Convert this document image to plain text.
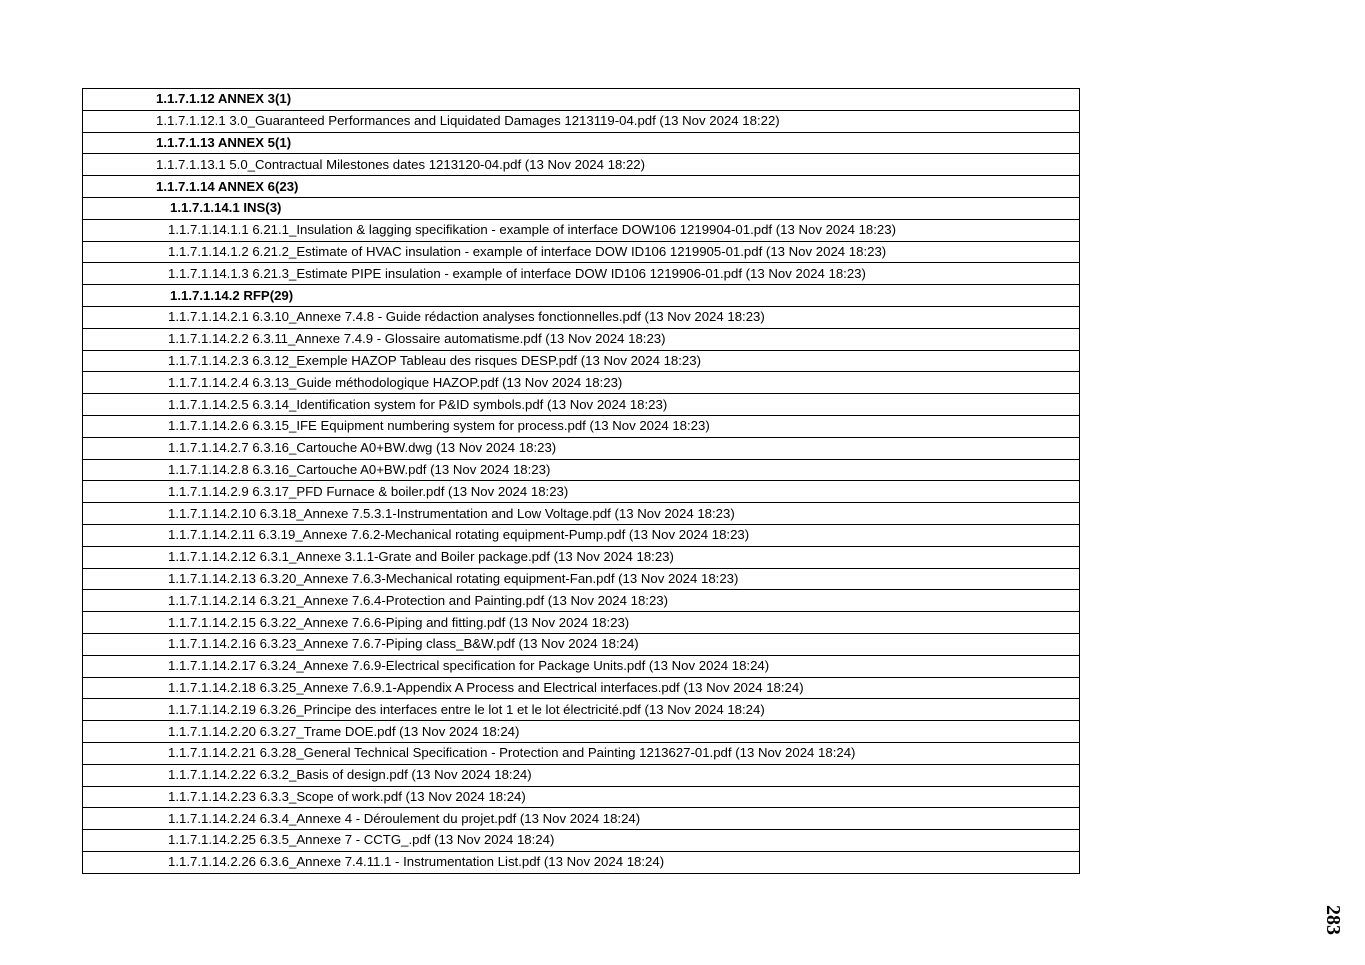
1.1.7.1.12 ANNEX 3(1)
1.1.7.1.12.1 3.0_Guaranteed Performances and Liquidated Damages 1213119-04.pdf (13 Nov 2024 18:22)
1.1.7.1.13 ANNEX 5(1)
1.1.7.1.13.1 5.0_Contractual Milestones dates 1213120-04.pdf (13 Nov 2024 18:22)
1.1.7.1.14 ANNEX 6(23)
1.1.7.1.14.1 INS(3)
1.1.7.1.14.1.1 6.21.1_Insulation & lagging specifikation - example of interface DOW106 1219904-01.pdf (13 Nov 2024 18:23)
1.1.7.1.14.1.2 6.21.2_Estimate of HVAC insulation - example of interface DOW ID106 1219905-01.pdf (13 Nov 2024 18:23)
1.1.7.1.14.1.3 6.21.3_Estimate PIPE insulation - example of interface DOW ID106 1219906-01.pdf (13 Nov 2024 18:23)
1.1.7.1.14.2 RFP(29)
1.1.7.1.14.2.1 6.3.10_Annexe 7.4.8 - Guide rédaction analyses fonctionnelles.pdf (13 Nov 2024 18:23)
1.1.7.1.14.2.2 6.3.11_Annexe 7.4.9 - Glossaire automatisme.pdf (13 Nov 2024 18:23)
1.1.7.1.14.2.3 6.3.12_Exemple HAZOP Tableau des risques DESP.pdf (13 Nov 2024 18:23)
1.1.7.1.14.2.4 6.3.13_Guide méthodologique HAZOP.pdf (13 Nov 2024 18:23)
1.1.7.1.14.2.5 6.3.14_Identification system for P&ID symbols.pdf (13 Nov 2024 18:23)
1.1.7.1.14.2.6 6.3.15_IFE Equipment numbering system for process.pdf (13 Nov 2024 18:23)
1.1.7.1.14.2.7 6.3.16_Cartouche A0+BW.dwg (13 Nov 2024 18:23)
1.1.7.1.14.2.8 6.3.16_Cartouche A0+BW.pdf (13 Nov 2024 18:23)
1.1.7.1.14.2.9 6.3.17_PFD Furnace & boiler.pdf (13 Nov 2024 18:23)
1.1.7.1.14.2.10 6.3.18_Annexe 7.5.3.1-Instrumentation and Low Voltage.pdf (13 Nov 2024 18:23)
1.1.7.1.14.2.11 6.3.19_Annexe 7.6.2-Mechanical rotating equipment-Pump.pdf (13 Nov 2024 18:23)
1.1.7.1.14.2.12 6.3.1_Annexe 3.1.1-Grate and Boiler package.pdf (13 Nov 2024 18:23)
1.1.7.1.14.2.13 6.3.20_Annexe 7.6.3-Mechanical rotating equipment-Fan.pdf (13 Nov 2024 18:23)
1.1.7.1.14.2.14 6.3.21_Annexe 7.6.4-Protection and Painting.pdf (13 Nov 2024 18:23)
1.1.7.1.14.2.15 6.3.22_Annexe 7.6.6-Piping and fitting.pdf (13 Nov 2024 18:23)
1.1.7.1.14.2.16 6.3.23_Annexe 7.6.7-Piping class_B&W.pdf (13 Nov 2024 18:24)
1.1.7.1.14.2.17 6.3.24_Annexe 7.6.9-Electrical specification for Package Units.pdf (13 Nov 2024 18:24)
1.1.7.1.14.2.18 6.3.25_Annexe 7.6.9.1-Appendix A Process and Electrical interfaces.pdf (13 Nov 2024 18:24)
1.1.7.1.14.2.19 6.3.26_Principe des interfaces entre le lot 1 et le lot électricité.pdf (13 Nov 2024 18:24)
1.1.7.1.14.2.20 6.3.27_Trame DOE.pdf (13 Nov 2024 18:24)
1.1.7.1.14.2.21 6.3.28_General Technical Specification - Protection and Painting 1213627-01.pdf (13 Nov 2024 18:24)
1.1.7.1.14.2.22 6.3.2_Basis of design.pdf (13 Nov 2024 18:24)
1.1.7.1.14.2.23 6.3.3_Scope of work.pdf (13 Nov 2024 18:24)
1.1.7.1.14.2.24 6.3.4_Annexe 4 - Déroulement du projet.pdf (13 Nov 2024 18:24)
1.1.7.1.14.2.25 6.3.5_Annexe 7 - CCTG_.pdf (13 Nov 2024 18:24)
1.1.7.1.14.2.26 6.3.6_Annexe 7.4.11.1 - Instrumentation List.pdf (13 Nov 2024 18:24)
283
